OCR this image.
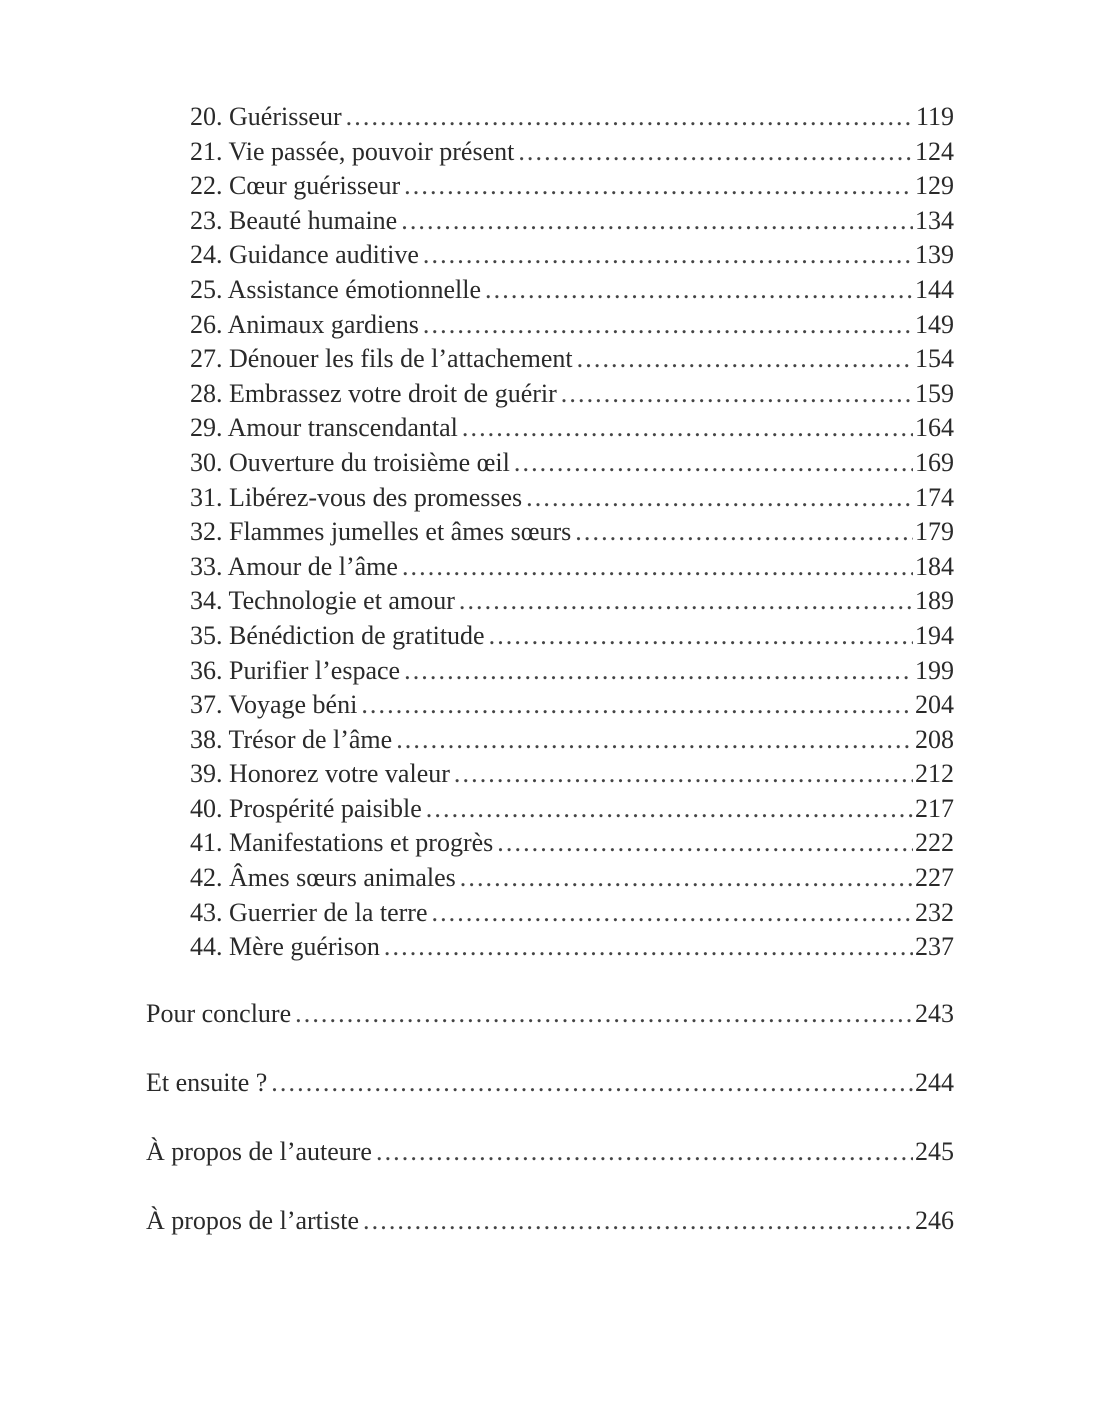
20. Guérisseur . . .	119
21. Vie passée, pouvoir présent . . .	124
22. Cœur guérisseur . . .	129
23. Beauté humaine . . .	134
24. Guidance auditive . . .	139
25. Assistance émotionnelle . . .	144
26. Animaux gardiens . . .	149
27. Dénouer les fils de l’attachement . . .	154
28. Embrassez votre droit de guérir . . .	159
29. Amour transcendantal . . .	164
30. Ouverture du troisième œil . . .	169
31. Libérez-vous des promesses . . .	174
32. Flammes jumelles et âmes sœurs . . .	179
33. Amour de l’âme . . .	184
34. Technologie et amour . . .	189
35. Bénédiction de gratitude . . .	194
36. Purifier l’espace . . .	199
37. Voyage béni . . .	204
38. Trésor de l’âme . . .	208
39. Honorez votre valeur . . .	212
40. Prospérité paisible . . .	217
41. Manifestations et progrès . . .	222
42. Âmes sœurs animales . . .	227
43. Guerrier de la terre . . .	232
44. Mère guérison . . .	237
Pour conclure . . .	243
Et ensuite ? . . .	244
À propos de l’auteure . . .	245
À propos de l’artiste . . .	246
